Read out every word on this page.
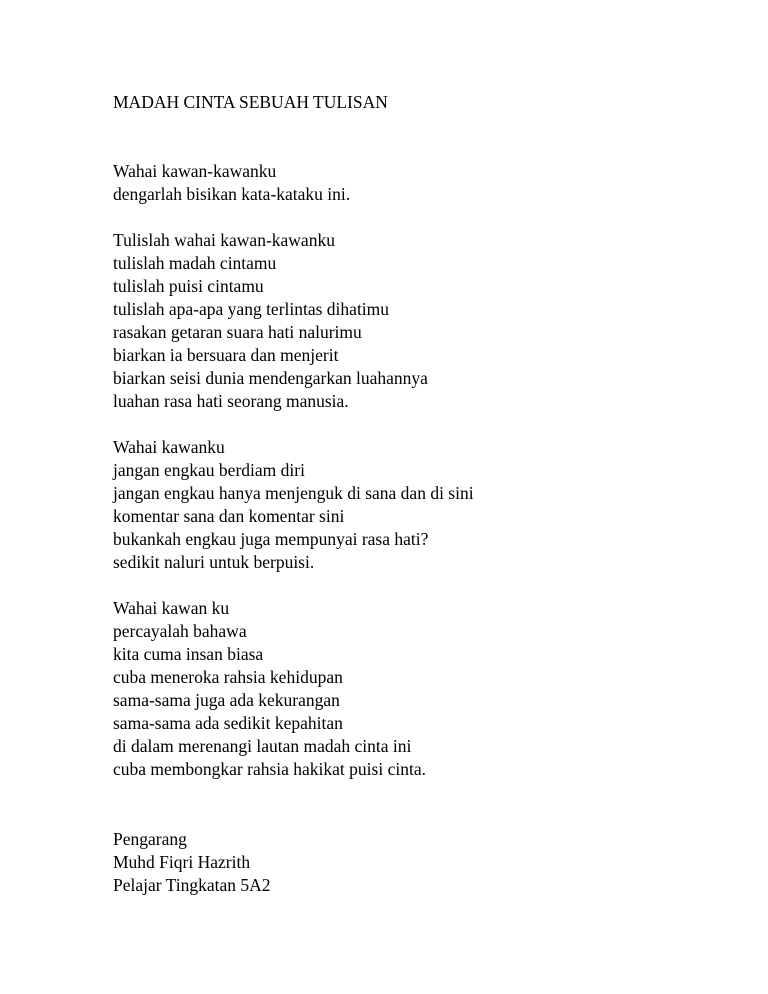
MADAH CINTA SEBUAH TULISAN
Wahai kawan-kawanku
dengarlah bisikan kata-kataku ini.
Tulislah wahai kawan-kawanku
tulislah madah cintamu
tulislah puisi cintamu
tulislah apa-apa yang terlintas dihatimu
rasakan getaran suara hati nalurimu
biarkan ia bersuara dan menjerit
biarkan seisi dunia mendengarkan luahannya
luahan rasa hati seorang manusia.
Wahai kawanku
jangan engkau berdiam diri
jangan engkau hanya menjenguk di sana dan di sini
komentar sana dan komentar sini
bukankah engkau juga mempunyai rasa hati?
sedikit naluri untuk berpuisi.
Wahai kawan ku
percayalah bahawa
kita cuma insan biasa
cuba meneroka rahsia kehidupan
sama-sama juga ada kekurangan
sama-sama ada sedikit kepahitan
di dalam merenangi lautan madah cinta ini
cuba membongkar rahsia hakikat puisi cinta.
Pengarang
Muhd Fiqri Hazrith
Pelajar Tingkatan 5A2
